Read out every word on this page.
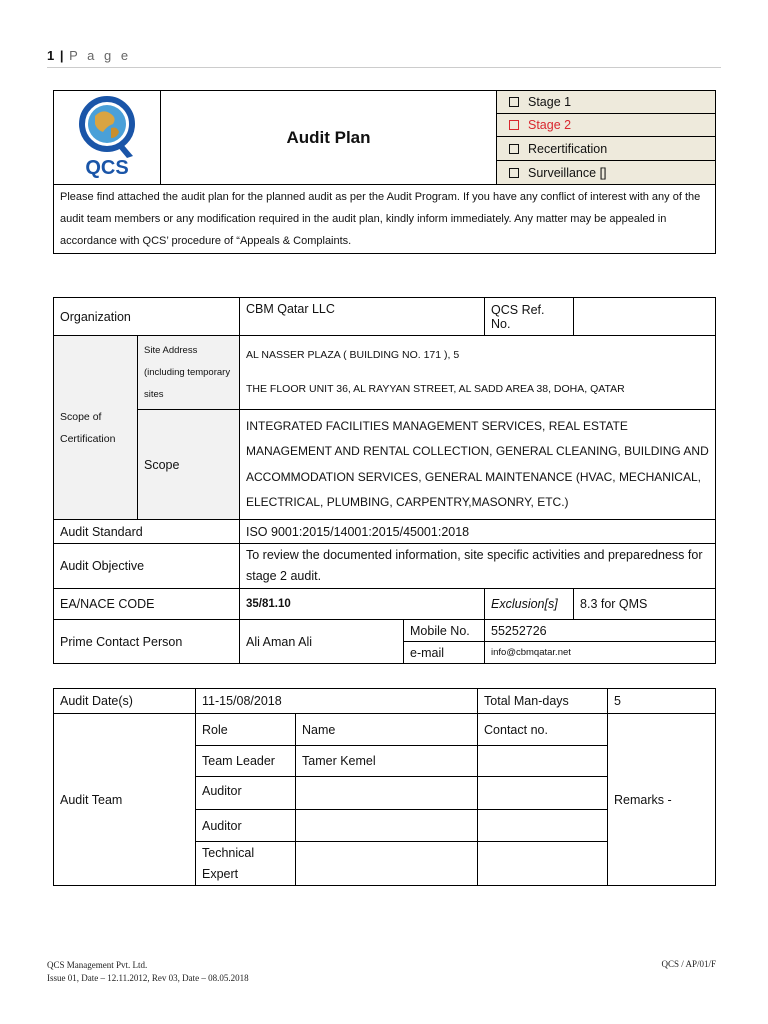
1 | P a g e
QCS
	Audit Plan	Stage 1
Stage 2
Recertification
Surveillance []
Please find attached the audit plan for the planned audit as per the Audit Program. If you have any conflict of interest with any of the audit team members or any modification required in the audit plan, kindly inform immediately. Any matter may be appealed in accordance with QCS’ procedure of “Appeals & Complaints.
Organization		CBM Qatar LLC		QCS Ref. No.	
Scope of Certification	Site Address (including temporary sites	AL NASSER PLAZA ( BUILDING NO. 171 ), 5
THE FLOOR UNIT 36, AL RAYYAN STREET, AL SADD AREA 38, DOHA, QATAR			

	Scope	INTEGRATED FACILITIES MANAGEMENT SERVICES, REAL ESTATE MANAGEMENT AND RENTAL COLLECTION, GENERAL CLEANING, BUILDING AND ACCOMMODATION SERVICES, GENERAL MAINTENANCE (HVAC, MECHANICAL, ELECTRICAL, PLUMBING, CARPENTRY,MASONRY, ETC.)			
Audit Standard		ISO 9001:2015/14001:2015/45001:2018			
Audit Objective		To review the documented information, site specific activities and preparedness for stage 2 audit.			
EA/NACE CODE		35/81.10		Exclusion[s]	8.3 for QMS
Prime Contact Person		Ali Aman Ali	Mobile No.	55252726	
			e-mail	info@cbmqatar.net	
Audit Date(s)	11-15/08/2018		Total Man-days	5
Audit Team	Role	Name	Contact no.	Remarks -
	Team Leader	Tamer Kemel		
	Auditor			
	Auditor			
	Technical Expert			
QCS Management Pvt. Ltd.
Issue 01, Date – 12.11.2012, Rev 03, Date – 08.05.2018
QCS / AP/01/F
